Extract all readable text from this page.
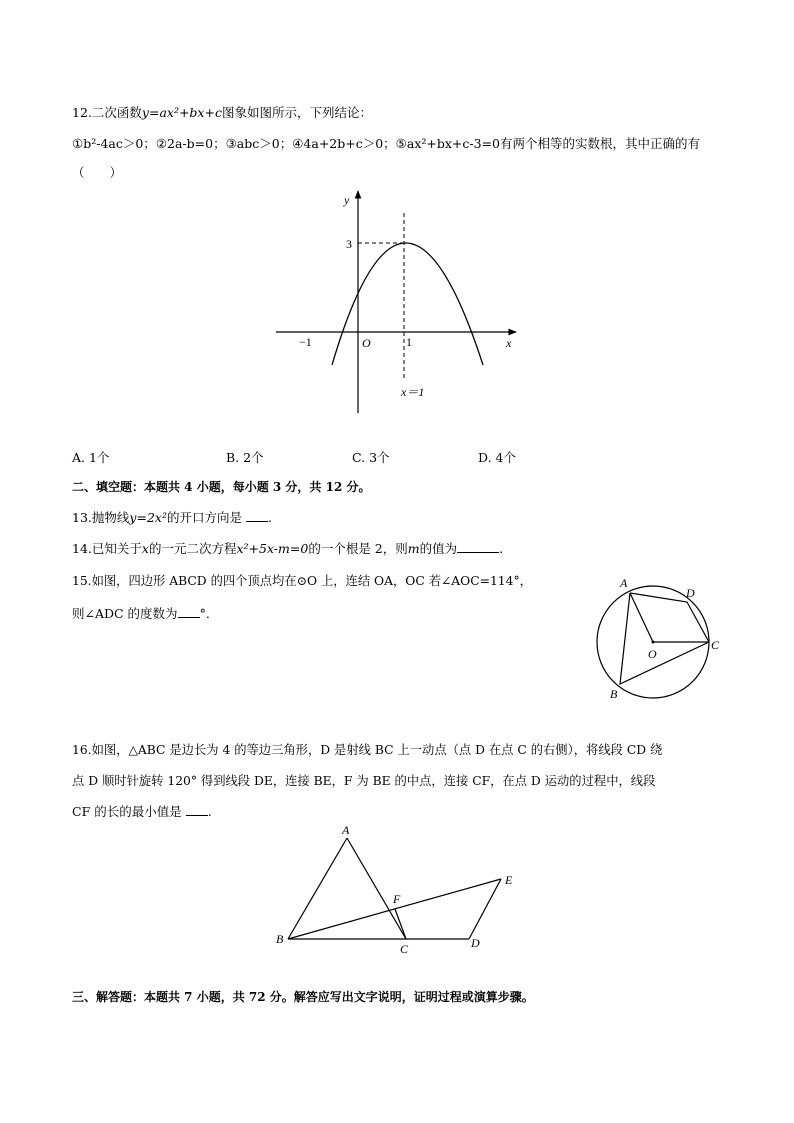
12.二次函数y=ax²+bx+c图象如图所示，下列结论：
①b²-4ac＞0；②2a-b=0；③abc＞0；④4a+2b+c＞0；⑤ax²+bx+c-3=0有两个相等的实数根，其中正确的有
（　　）
y
x
O
−1	1
3
x＝1
A. 1个	B. 2个	C. 3个	D. 4个
二、填空题：本题共 4 小题，每小题 3 分，共 12 分。
13.抛物线y=2x²的开口方向是 .
14.已知关于x的一元二次方程x²+5x-m=0的一个根是 2，则m的值为	.
15.如图，四边形 ABCD 的四个顶点均在⊙O 上，连结 OA，OC 若∠AOC=114°，
则∠ADC 的度数为 °.
A
D
C
O
B
16.如图，△ABC 是边长为 4 的等边三角形，D 是射线 BC 上一动点（点 D 在点 C 的右侧），将线段 CD 绕
点 D 顺时针旋转 120° 得到线段 DE，连接 BE，F 为 BE 的中点，连接 CF，在点 D 运动的过程中，线段
CF 的长的最小值是 .
A
B
C	D
E
F
三、解答题：本题共 7 小题，共 72 分。解答应写出文字说明，证明过程或演算步骤。
